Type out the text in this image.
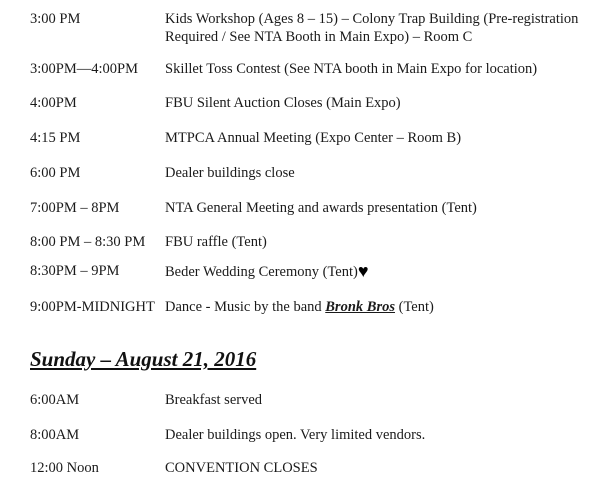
3:00 PM	Kids Workshop (Ages 8 – 15) – Colony Trap Building (Pre-registration
Required / See NTA Booth in Main Expo) – Room C
3:00PM—4:00PM Skillet Toss Contest (See NTA booth in Main Expo for location)
4:00PM	FBU Silent Auction Closes (Main Expo)
4:15 PM	MTPCA Annual Meeting (Expo Center – Room B)
6:00 PM	Dealer buildings close
7:00PM – 8PM	NTA General Meeting and awards presentation (Tent)
8:00 PM – 8:30 PM FBU raffle (Tent)
8:30PM – 9PM	Beder Wedding Ceremony (Tent)♥
9:00PM-MIDNIGHT Dance - Music by the band Bronk Bros (Tent)
Sunday – August 21, 2016
6:00AM	Breakfast served
8:00AM	Dealer buildings open. Very limited vendors.
12:00 Noon	CONVENTION CLOSES
